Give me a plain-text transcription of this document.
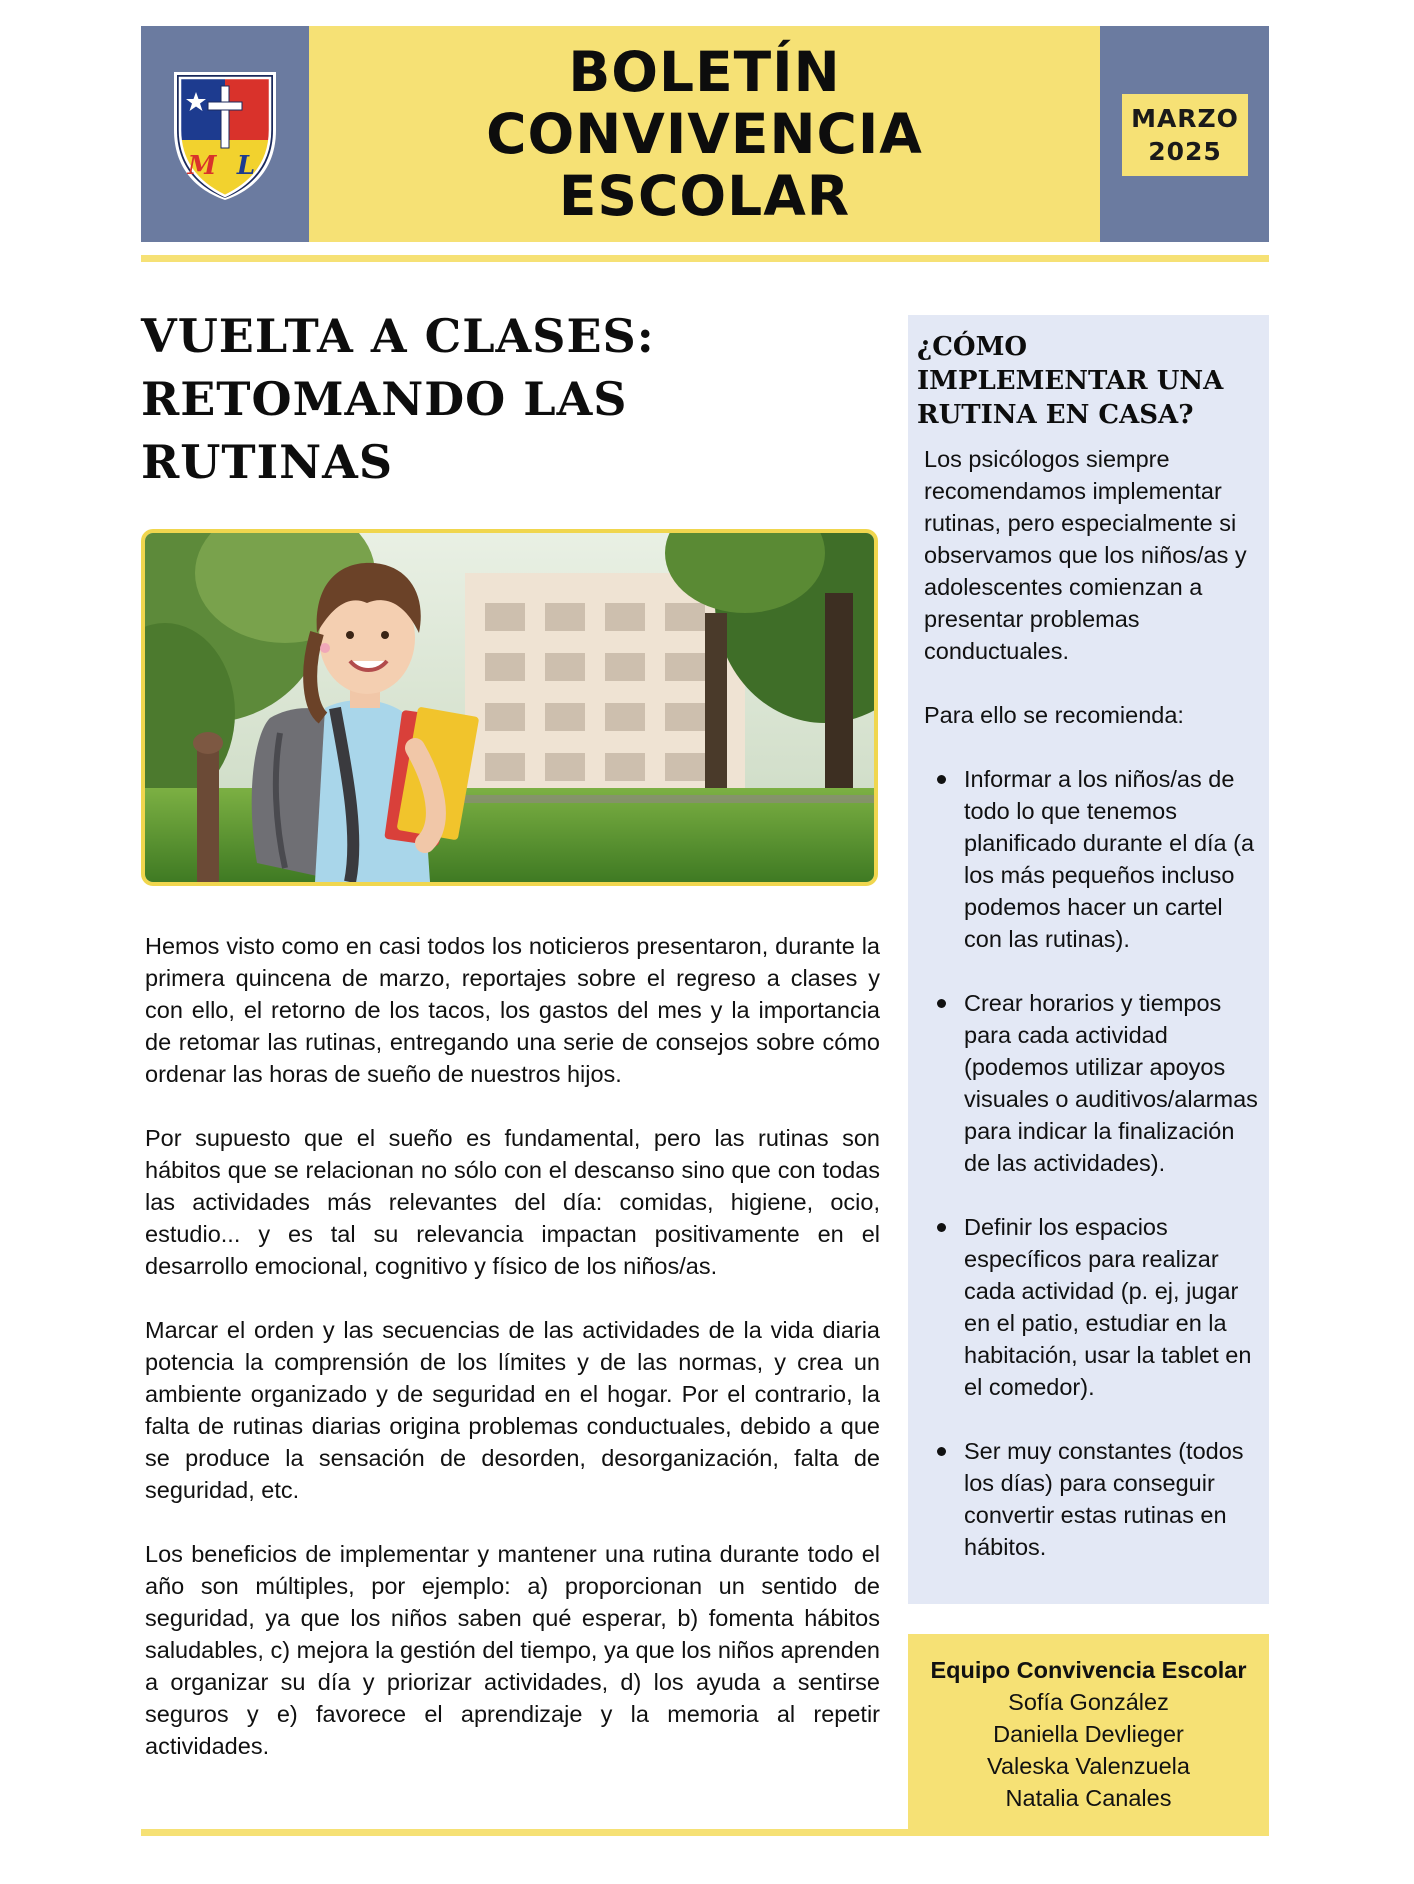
M L
BOLETÍN
CONVIVENCIA
ESCOLAR
MARZO
2025
VUELTA A CLASES:
RETOMANDO LAS
RUTINAS

Hemos visto como en casi todos los noticieros presentaron, durante la primera quincena de marzo, reportajes sobre el regreso a clases y con ello, el retorno de los tacos, los gastos del mes y la importancia de retomar las rutinas, entregando una serie de consejos sobre cómo ordenar las horas de sueño de nuestros hijos.

Por supuesto que el sueño es fundamental, pero las rutinas son hábitos que se relacionan no sólo con el descanso sino que con todas las actividades más relevantes del día: comidas, higiene, ocio, estudio... y es tal su relevancia impactan positivamente en el desarrollo emocional, cognitivo y físico de los niños/as.

Marcar el orden y las secuencias de las actividades de la vida diaria potencia la comprensión de los límites y de las normas, y crea un ambiente organizado y de seguridad en el hogar. Por el contrario, la falta de rutinas diarias origina problemas conductuales, debido a que se produce la sensación de desorden, desorganización, falta de seguridad, etc.

Los beneficios de implementar y mantener una rutina durante todo el año son múltiples, por ejemplo: a) proporcionan un sentido de seguridad, ya que los niños saben qué esperar, b) fomenta hábitos saludables, c) mejora la gestión del tiempo, ya que los niños aprenden a organizar su día y priorizar actividades, d) los ayuda a sentirse seguros y e) favorece el aprendizaje y la memoria al repetir actividades.

¿CÓMO
IMPLEMENTAR UNA
RUTINA EN CASA?

Los psicólogos siempre recomendamos implementar rutinas, pero especialmente si observamos que los niños/as y adolescentes comienzan a presentar problemas conductuales.

Para ello se recomienda:

Informar a los niños/as de todo lo que tenemos planificado durante el día (a los más pequeños incluso podemos hacer un cartel con las rutinas).
Crear horarios y tiempos para cada actividad (podemos utilizar apoyos visuales o auditivos/alarmas para indicar la finalización de las actividades).
Definir los espacios específicos para realizar cada actividad (p. ej, jugar en el patio, estudiar en la habitación, usar la tablet en el comedor).
Ser muy constantes (todos los días) para conseguir convertir estas rutinas en hábitos.
Equipo Convivencia Escolar
Sofía González
Daniella Devlieger
Valeska Valenzuela
Natalia Canales
